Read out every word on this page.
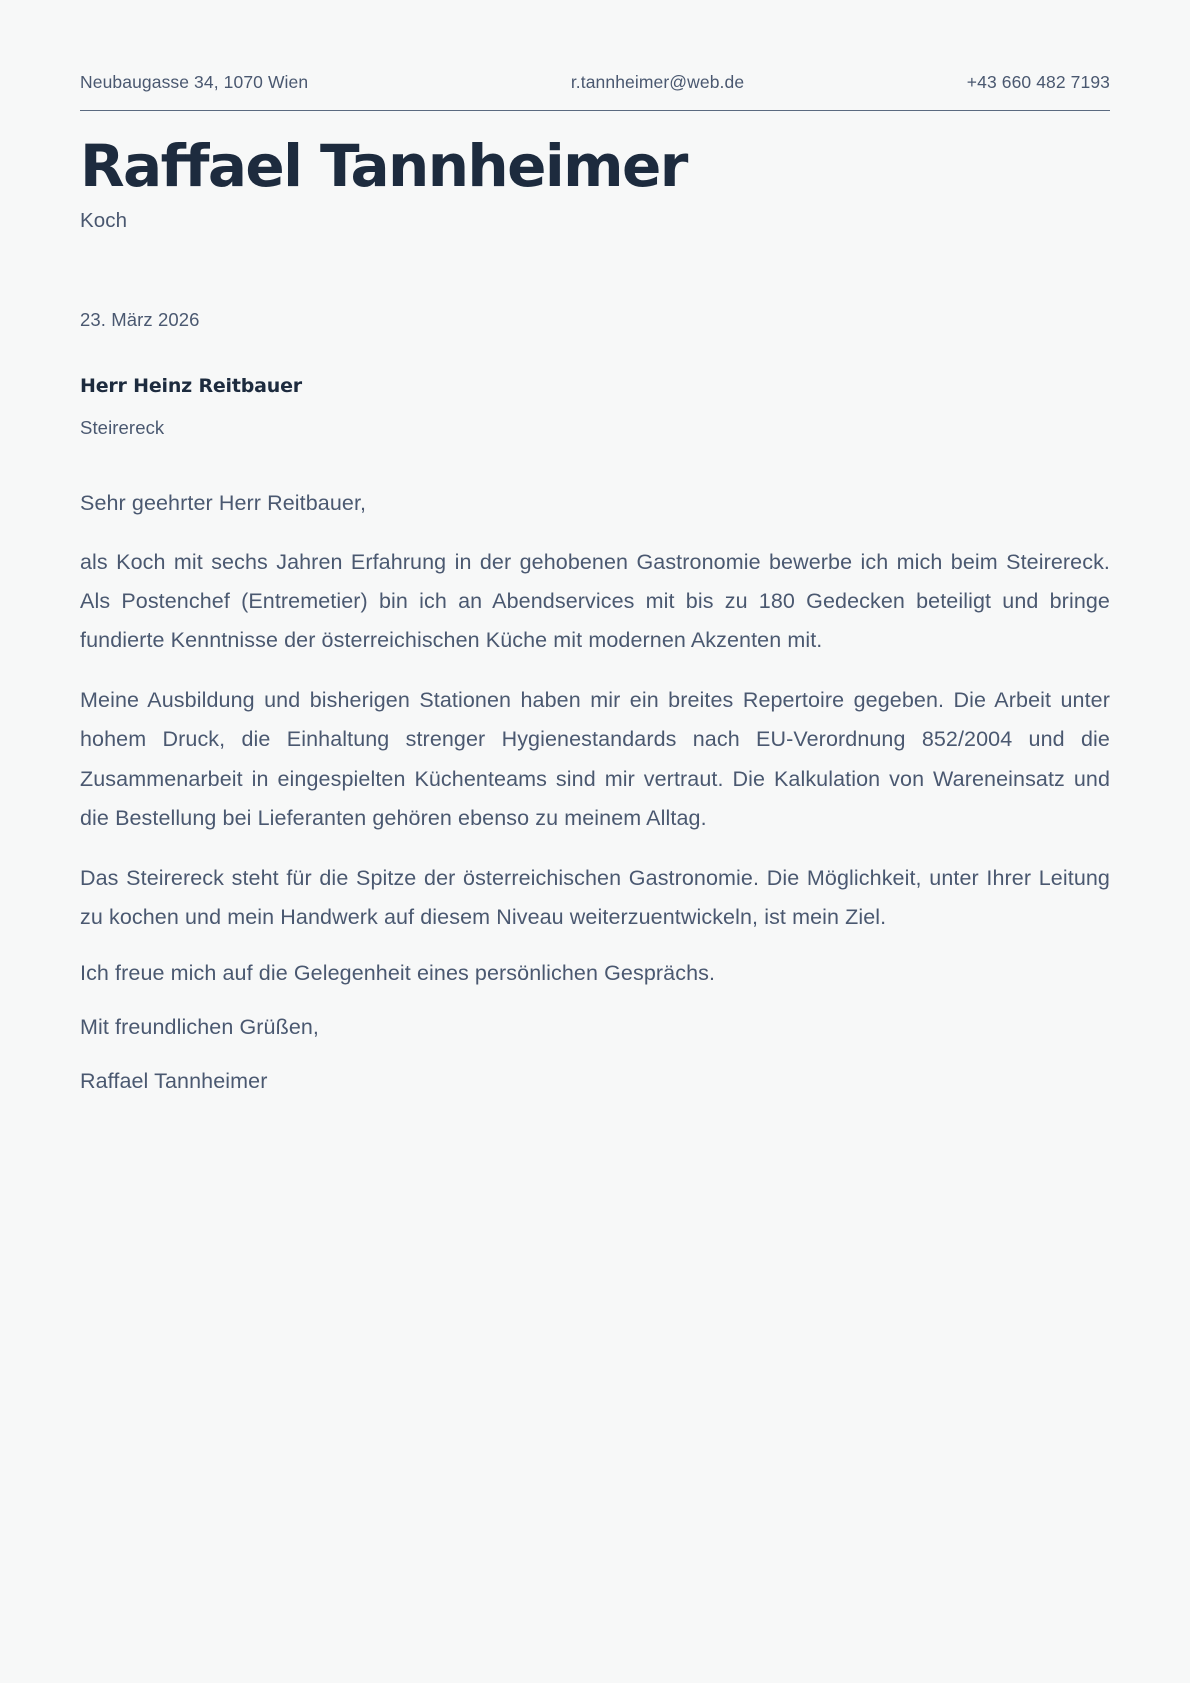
Neubaugasse 34, 1070 Wien	r.tannheimer@web.de	+43 660 482 7193
Raffael Tannheimer
Koch
23. März 2026
Herr Heinz Reitbauer
Steirereck

Sehr geehrter Herr Reitbauer,

als Koch mit sechs Jahren Erfahrung in der gehobenen Gastronomie bewerbe ich mich beim Steirereck. Als Postenchef (Entremetier) bin ich an Abendservices mit bis zu 180 Gedecken beteiligt und bringe fundierte Kenntnisse der österreichischen Küche mit modernen Akzenten mit.

Meine Ausbildung und bisherigen Stationen haben mir ein breites Repertoire gegeben. Die Arbeit unter hohem Druck, die Einhaltung strenger Hygienestandards nach EU-Verordnung 852/2004 und die Zusammenarbeit in eingespielten Küchenteams sind mir vertraut. Die Kalkulation von Wareneinsatz und die Bestellung bei Lieferanten gehören ebenso zu meinem Alltag.

Das Steirereck steht für die Spitze der österreichischen Gastronomie. Die Möglichkeit, unter Ihrer Leitung zu kochen und mein Handwerk auf diesem Niveau weiterzuentwickeln, ist mein Ziel.

Ich freue mich auf die Gelegenheit eines persönlichen Gesprächs.

Mit freundlichen Grüßen,

Raffael Tannheimer
